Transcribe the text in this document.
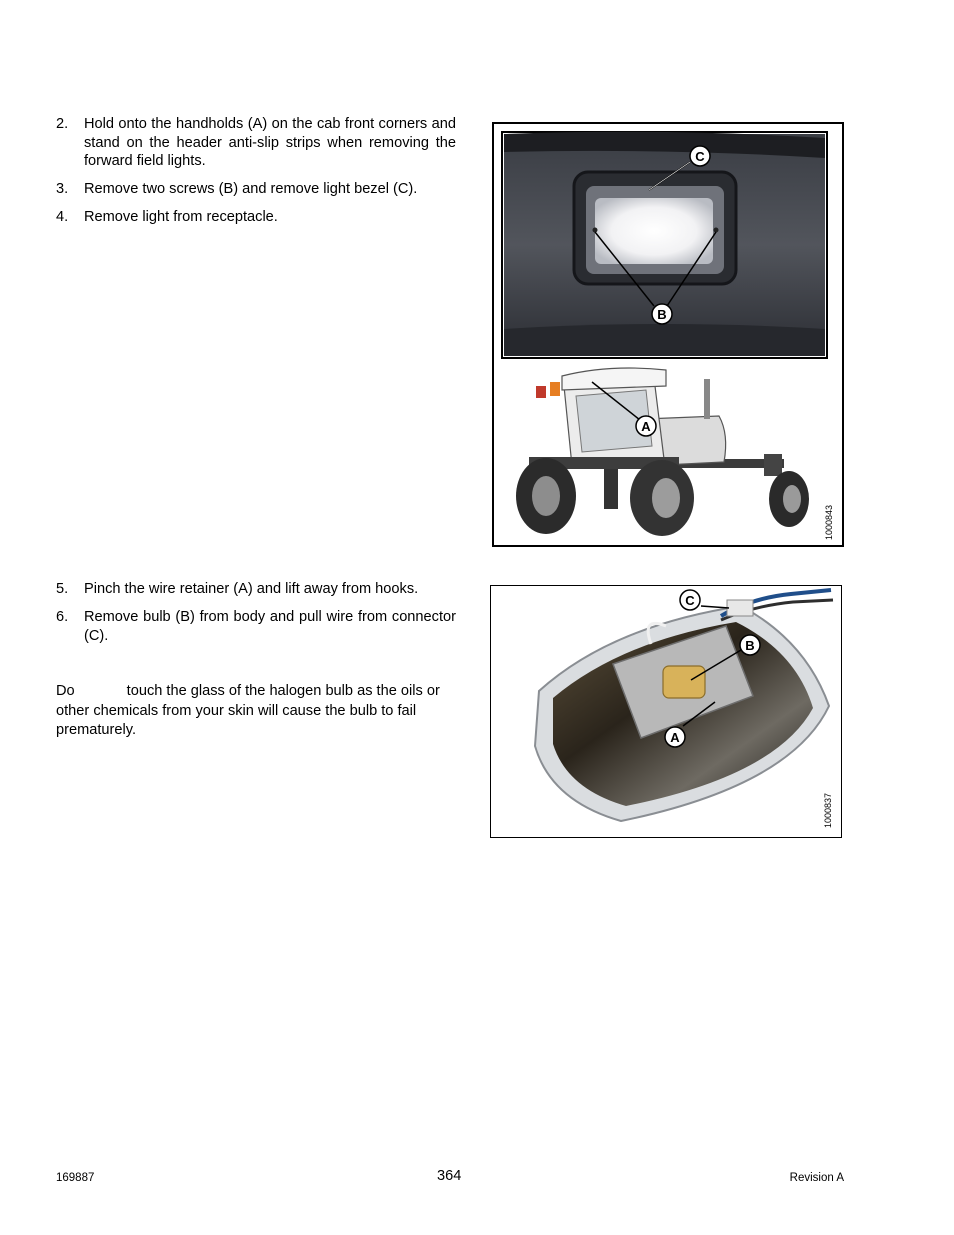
2. Hold onto the handholds (A) on the cab front corners and stand on the header anti-slip strips when removing the forward field lights.
3. Remove two screws (B) and remove light bezel (C).
4. Remove light from receptacle.
5. Pinch the wire retainer (A) and lift away from hooks.
6. Remove bulb (B) from body and pull wire from connector (C).
Do	touch the glass of the halogen bulb as the oils or other chemicals from your skin will cause the bulb to fail prematurely.
C
B
A
1000843
C
B
A
1000837
169887	364	Revision A
